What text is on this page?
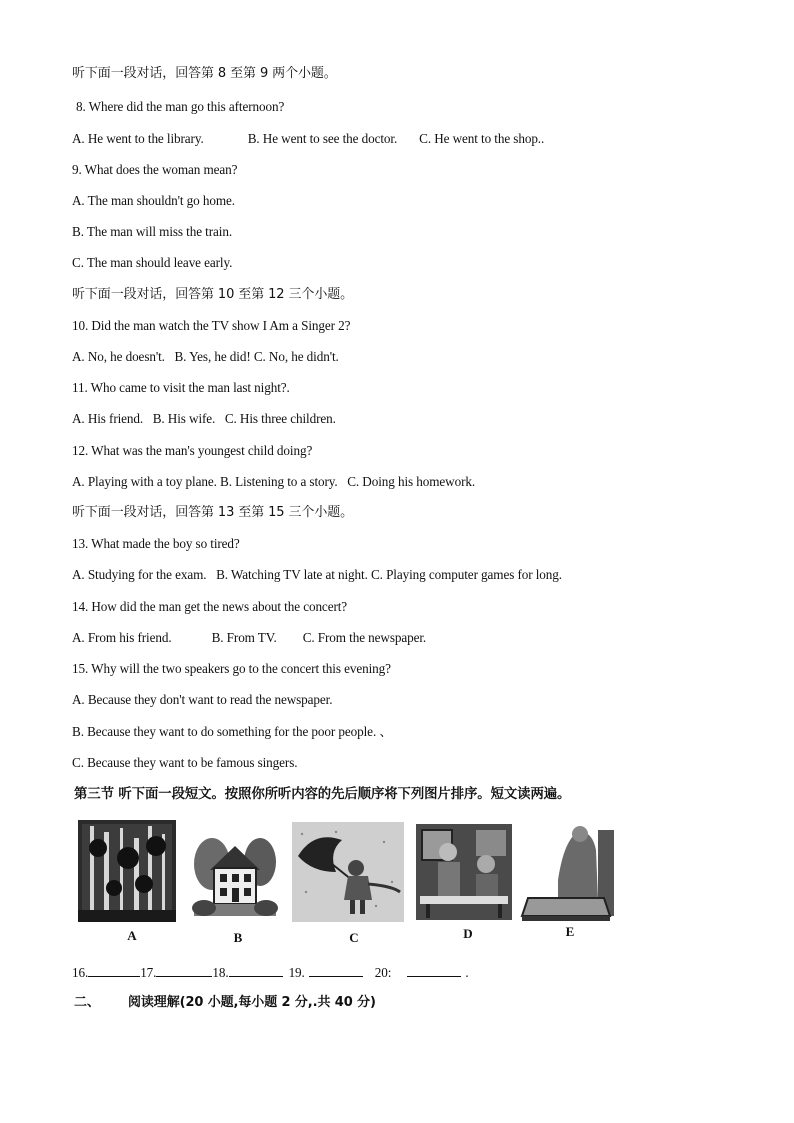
听下面一段对话，回答第 8 至第 9 两个小题。
8. Where did the man go this afternoon?
A. He went to the library.	B. He went to see the doctor. C. He went to the shop..
9. What does the woman mean?
A. The man shouldn't go home.
B. The man will miss the train.
C. The man should leave early.
听下面一段对话，回答第 10 至第 12 三个小题。
10. Did the man watch the TV show I Am a Singer 2?
A. No, he doesn't.   B. Yes, he did! C. No, he didn't.
11. Who came to visit the man last night?.
A. His friend.   B. His wife.   C. His three children.
12. What was the man's youngest child doing?
A. Playing with a toy plane. B. Listening to a story.   C. Doing his homework.
听下面一段对话，回答第 13 至第 15 三个小题。
13. What made the boy so tired?
A. Studying for the exam.   B. Watching TV late at night. C. Playing computer games for long.
14. How did the man get the news about the concert?
A. From his friend.	B. From TV. C. From the newspaper.
15. Why will the two speakers go to the concert this evening?
A. Because they don't want to read the newspaper.
B. Because they want to do something for the poor people. 、
C. Because they want to be famous singers.
第三节 听下面一段短文。按照你所听内容的先后顺序将下列图片排序。短文读两遍。
A	B	C	D	E
16.	17.	18.	19.	20:	.
二、 阅读理解(20 小题,每小题 2 分,.共 40 分)
